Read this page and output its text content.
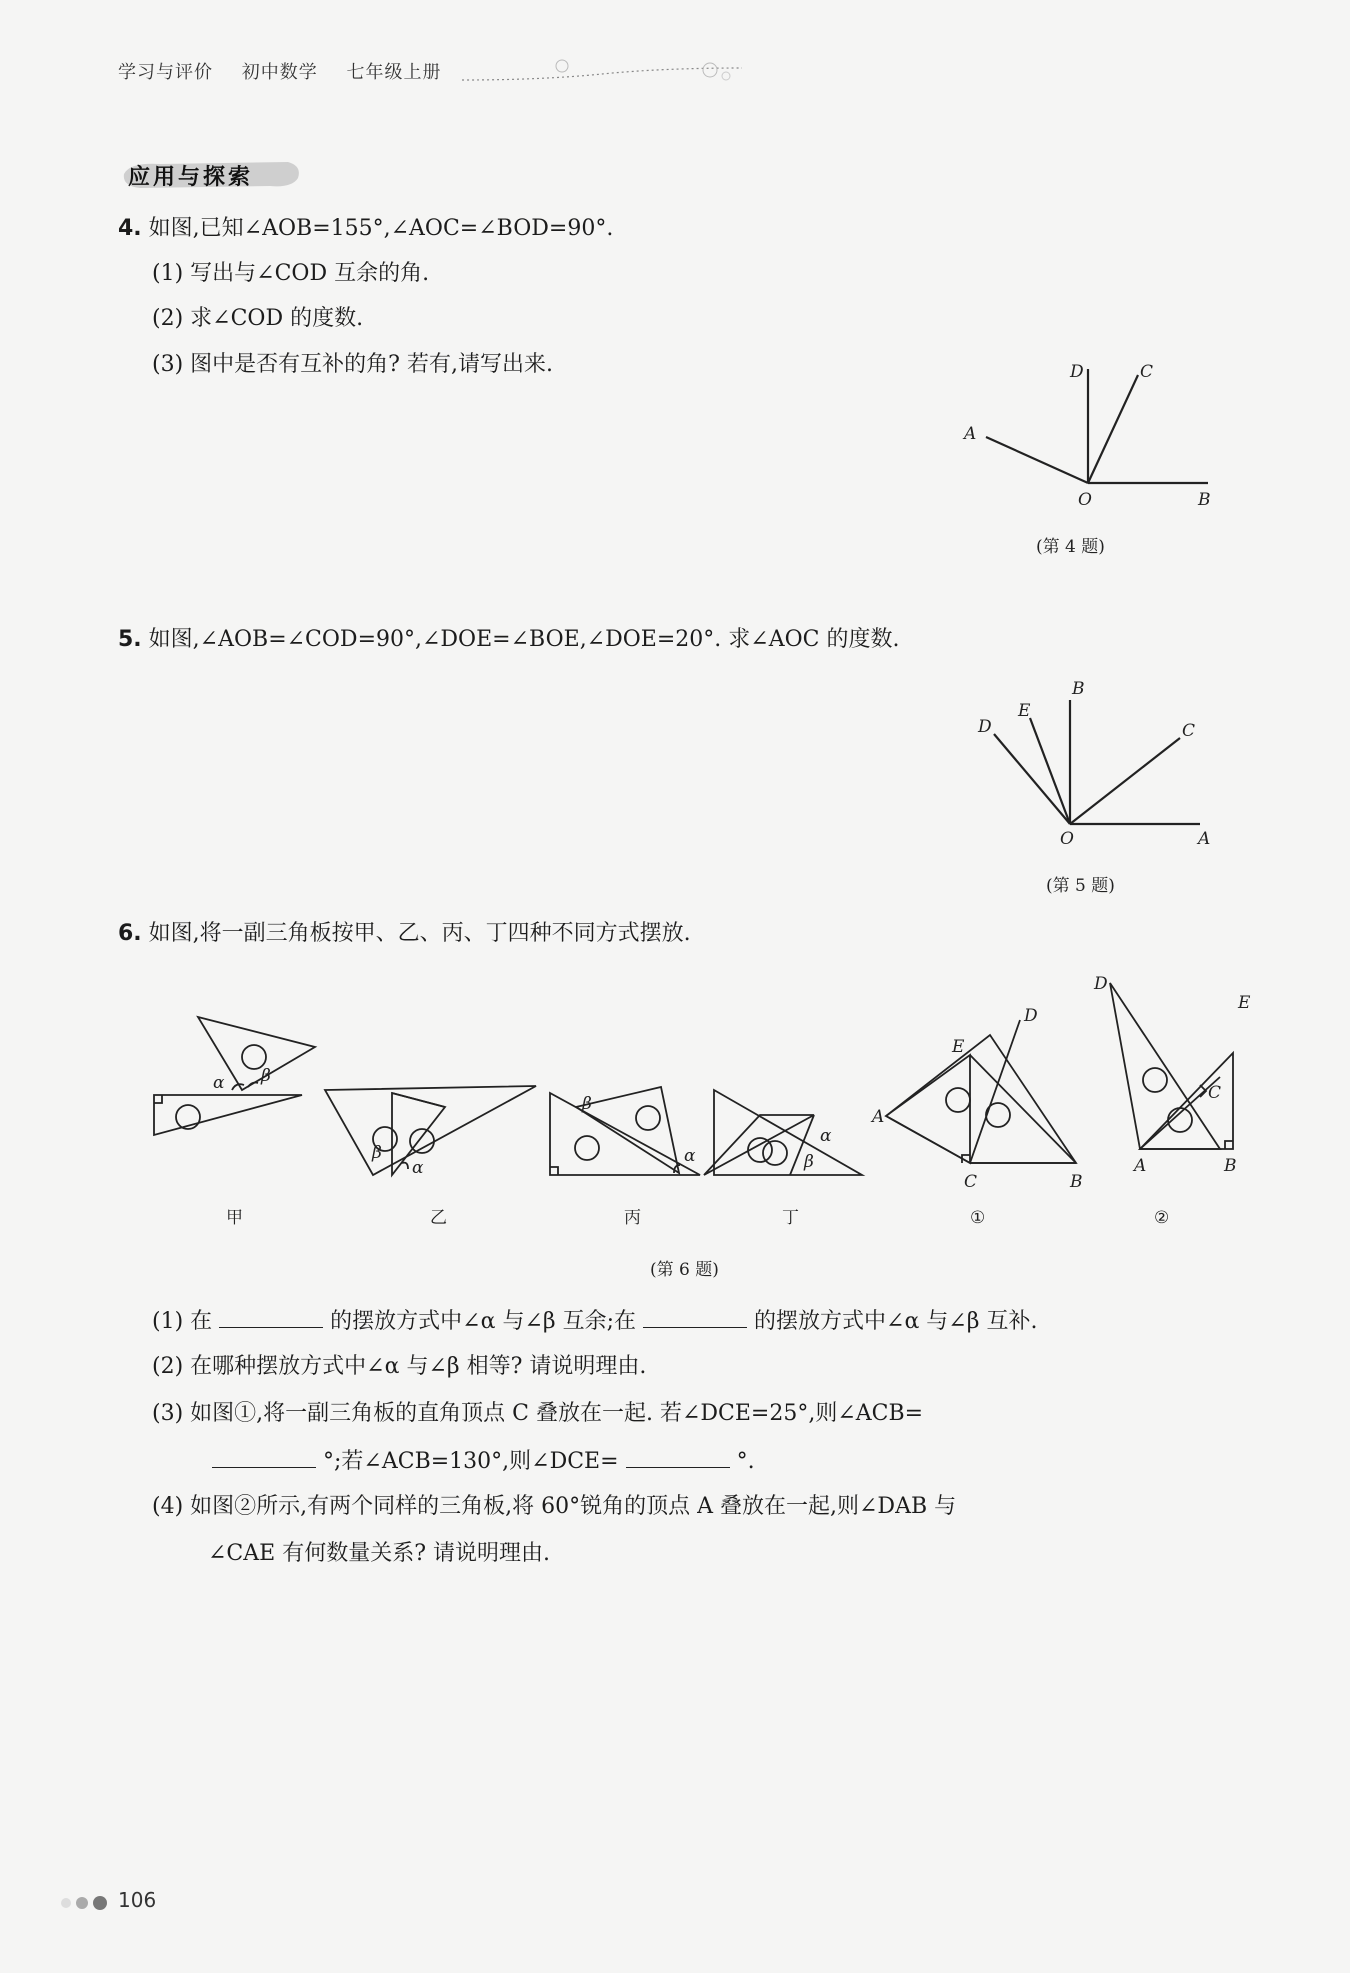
学习与评价 初中数学 七年级上册
应用与探索
4. 如图,已知∠AOB=155°,∠AOC=∠BOD=90°.
(1) 写出与∠COD 互余的角.
(2) 求∠COD 的度数.
(3) 图中是否有互补的角? 若有,请写出来.	D	C
A
O	B
(第 4 题)
5. 如图,∠AOB=∠COD=90°,∠DOE=∠BOE,∠DOE=20°. 求∠AOC 的度数.
B
E
D	C
O	A
(第 5 题)
6. 如图,将一副三角板按甲、乙、丙、丁四种不同方式摆放.
α β
β
α
β
α
α
β
D
E
A
C	B
D
E
C
A	B
甲	乙	丙	丁	①	②
(第 6 题)
(1) 在	的摆放方式中∠α 与∠β 互余;在	的摆放方式中∠α 与∠β 互补.
(2) 在哪种摆放方式中∠α 与∠β 相等? 请说明理由.
(3) 如图①,将一副三角板的直角顶点 C 叠放在一起. 若∠DCE=25°,则∠ACB=
°;若∠ACB=130°,则∠DCE=	°.
(4) 如图②所示,有两个同样的三角板,将 60°锐角的顶点 A 叠放在一起,则∠DAB 与
∠CAE 有何数量关系? 请说明理由.
106
